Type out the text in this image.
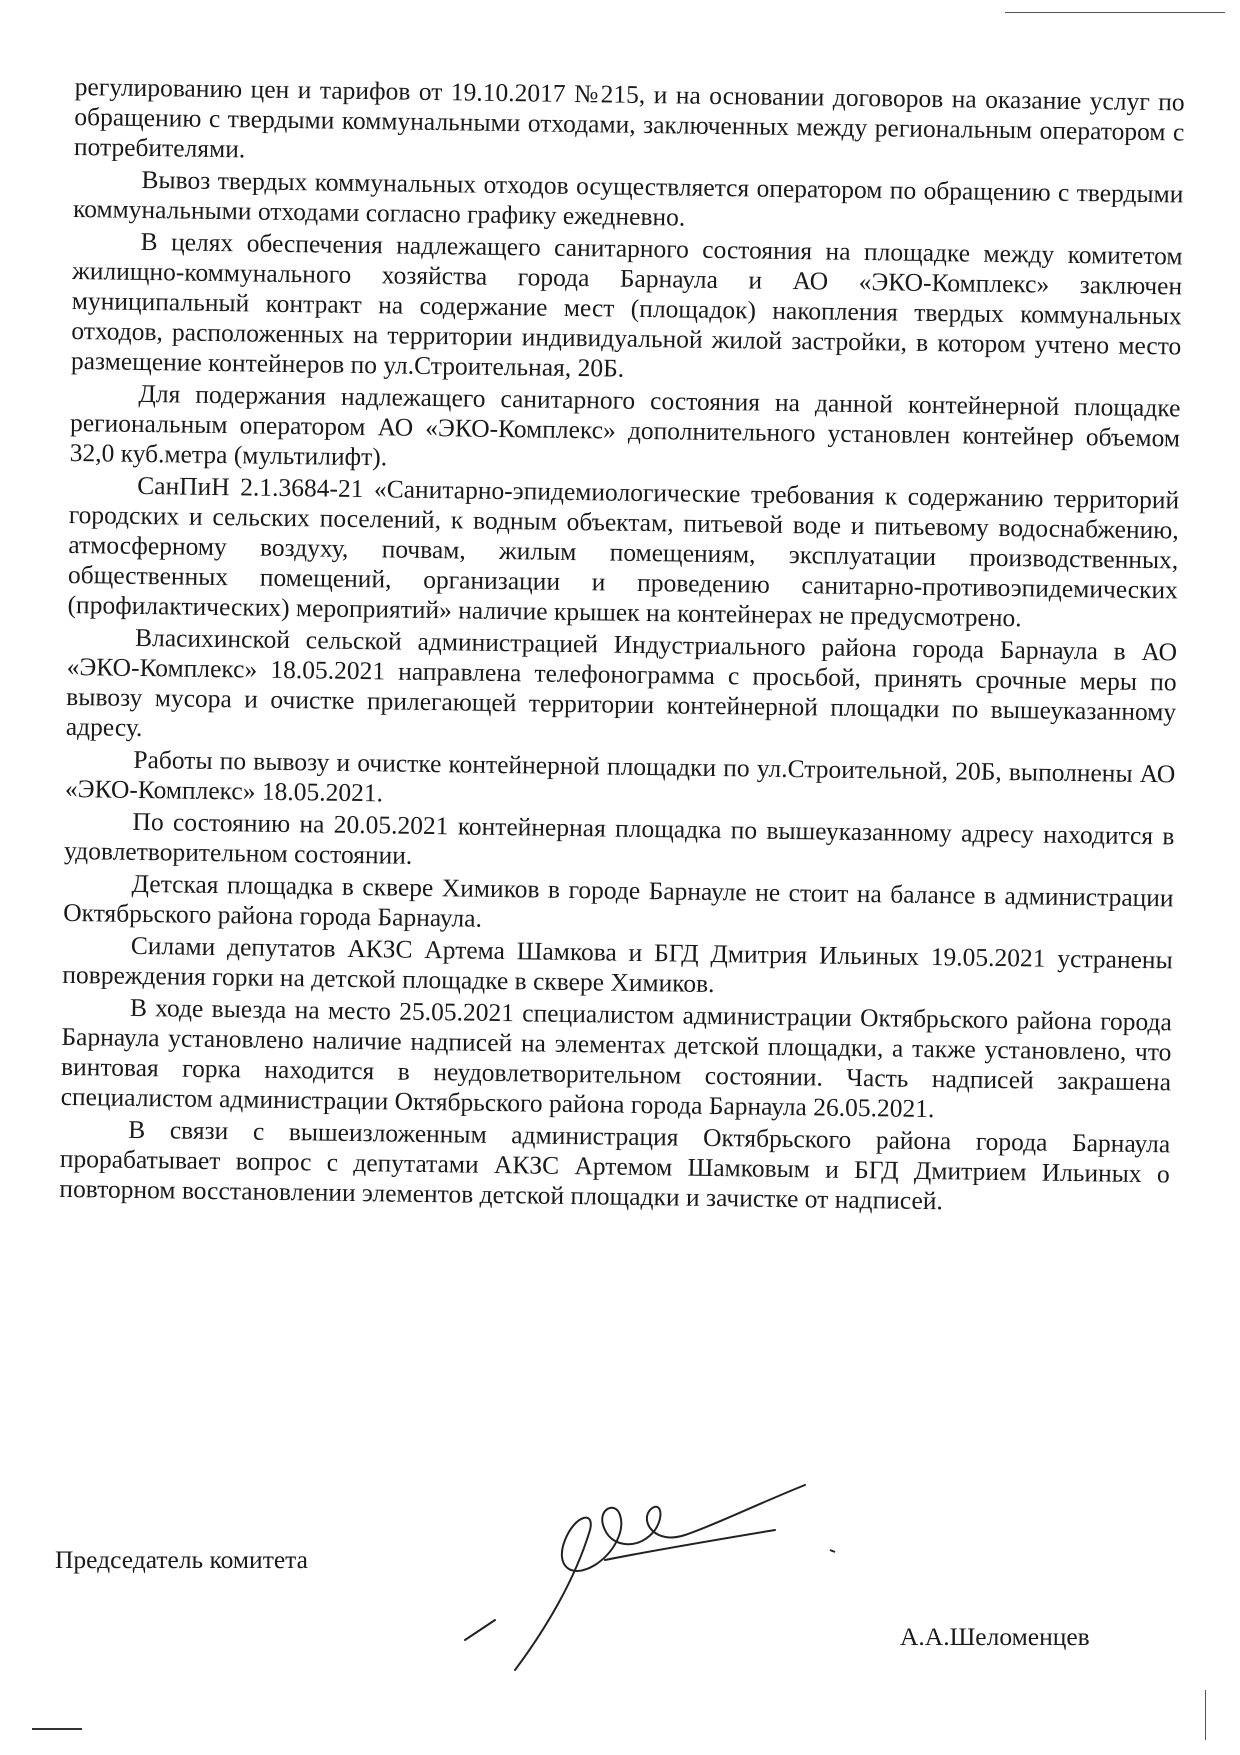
регулированию цен и тарифов от 19.10.2017 №215, и на основании договоров на оказание услуг по обращению с твердыми коммунальными отходами, заключенных между региональным оператором с потребителями.

Вывоз твердых коммунальных отходов осуществляется оператором по обращению с твердыми коммунальными отходами согласно графику ежедневно.

В целях обеспечения надлежащего санитарного состояния на площадке между комитетом жилищно-коммунального хозяйства города Барнаула и АО «ЭКО-Комплекс» заключен муниципальный контракт на содержание мест (площадок) накопления твердых коммунальных отходов, расположенных на территории индивидуальной жилой застройки, в котором учтено место размещение контейнеров по ул.Строительная, 20Б.

Для подержания надлежащего санитарного состояния на данной контейнерной площадке региональным оператором АО «ЭКО-Комплекс» дополнительного установлен контейнер объемом 32,0 куб.метра (мультилифт).

СанПиН 2.1.3684-21 «Санитарно-эпидемиологические требования к содержанию территорий городских и сельских поселений, к водным объектам, питьевой воде и питьевому водоснабжению, атмосферному воздуху, почвам, жилым помещениям, эксплуатации производственных, общественных помещений, организации и проведению санитарно-противоэпидемических (профилактических) мероприятий» наличие крышек на контейнерах не предусмотрено.

Власихинской сельской администрацией Индустриального района города Барнаула в АО «ЭКО-Комплекс» 18.05.2021 направлена телефонограмма с просьбой, принять срочные меры по вывозу мусора и очистке прилегающей территории контейнерной площадки по вышеуказанному адресу.

Работы по вывозу и очистке контейнерной площадки по ул.Строительной, 20Б, выполнены АО «ЭКО-Комплекс» 18.05.2021.

По состоянию на 20.05.2021 контейнерная площадка по вышеуказанному адресу находится в удовлетворительном состоянии.

Детская площадка в сквере Химиков в городе Барнауле не стоит на балансе в администрации Октябрьского района города Барнаула.

Силами депутатов АКЗС Артема Шамкова и БГД Дмитрия Ильиных 19.05.2021 устранены повреждения горки на детской площадке в сквере Химиков.

В ходе выезда на место 25.05.2021 специалистом администрации Октябрьского района города Барнаула установлено наличие надписей на элементах детской площадки, а также установлено, что винтовая горка находится в неудовлетворительном состоянии. Часть надписей закрашена специалистом администрации Октябрьского района города Барнаула 26.05.2021.

В связи с вышеизложенным администрация Октябрьского района города Барнаула прорабатывает вопрос с депутатами АКЗС Артемом Шамковым и БГД Дмитрием Ильиных о повторном восстановлении элементов детской площадки и зачистке от надписей.

Председатель комитета
А.А.Шеломенцев
